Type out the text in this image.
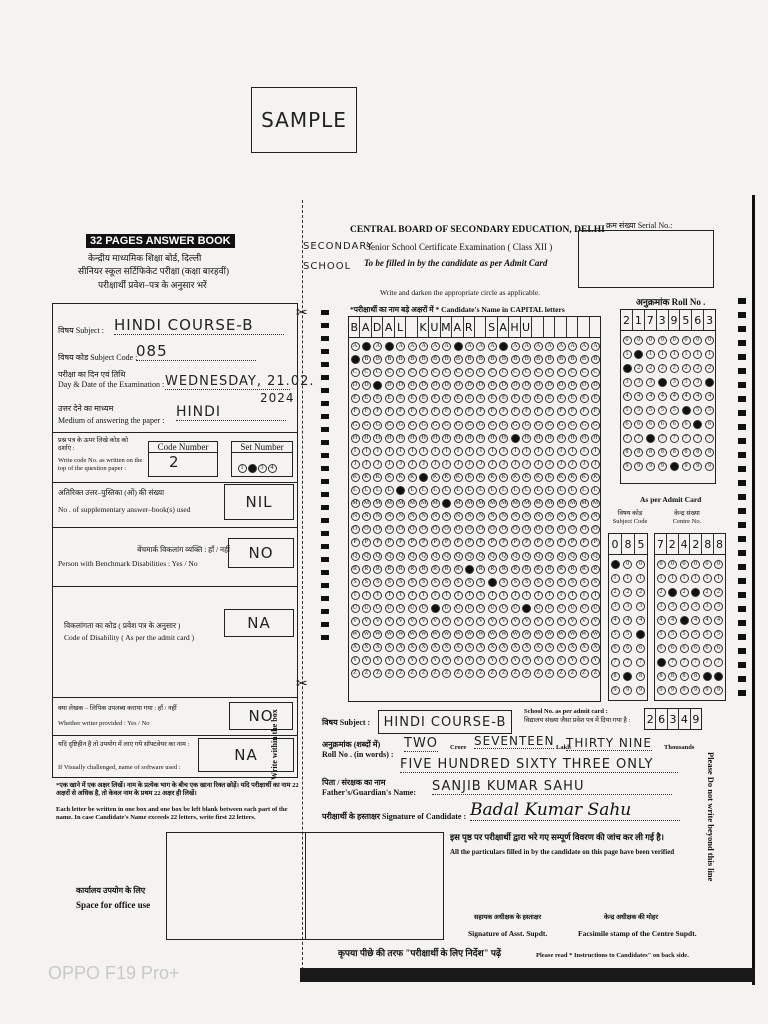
SAMPLE
✂
✂
32 PAGES ANSWER BOOK
केन्द्रीय माध्यमिक शिक्षा बोर्ड, दिल्ली
सीनियर स्कूल सर्टिफिकेट परीक्षा (कक्षा बारहवीं)
परीक्षार्थी प्रवेश–पत्र के अनुसार भरें
विषय Subject : HINDI COURSE-B
विषय कोड Subject Code :
085
परीक्षा का दिन एवं तिथि
Day & Date of the Examination : WEDNESDAY, 21.02.
2024
उत्तर देने का माध्यम
Medium of answering the paper :
HINDI
प्रश्न पत्र के ऊपर लिखे कोड को दर्शाएं :
Write code No. as written on the top of the question paper :
Code Number
2
Set Number
1 2 3 4
अतिरिक्त उत्तर–पुस्तिका (ओं) की संख्या
No . of supplementary answer–book(s) used	NIL
बेंचमार्क विकलांग व्यक्ति : हाँ / नहीं
Person with Benchmark Disabilities : Yes / No
NO
विकलांगता का कोड ( प्रवेश पत्र के अनुसार )
Code of Disability ( As per the admit card )
NA
क्या लेखक – लिपिक उपलब्ध कराया गया : हाँ / नहीं
Whether writer provided : Yes / No	NO
यदि दृष्टिहीन है तो उपयोग में लाए गये सॉफ्टवेयर का नाम :
If Visually challenged, name of software used :
NA
*एक खाने में एक अक्षर लिखें। नाम के प्रत्येक भाग के बीच एक खाना रिक्त छोड़ें। यदि परीक्षार्थी का नाम 22 अक्षरों से अधिक है, तो केवल नाम के प्रथम 22 अक्षर ही लिखें।
Each letter be written in one box and one box be left blank between each part of the name. In case Candidate's Name exceeds 22 letters, write first 22 letters.
कार्यालय उपयोग के लिए
Space for office use
Write within the box
CENTRAL BOARD OF SECONDARY EDUCATION, DELHI
SECONDARY SCHOOL
Senior School Certificate Examination ( Class XII )
To be filled in by the candidate as per Admit Card
Write and darken the appropriate circle as applicable.
क्रम संख्या Serial No.:
*परीक्षार्थी का नाम बड़े अक्षरों में * Candidate's Name in CAPITAL letters
B A D A L K U M A R S A H U
A
B
C
D
E
F
G
H
I
J
K
L
M
N
O
P
Q
R
S
T
U
V
W
X
Y
Z
A
B
C
D
E
F
G
H
I
J
K
L
M
N
O
P
Q
R
S
T
U
V
W
X
Y
Z
A
B
C
D
E
F
G
H
I
J
K
L
M
N
O
P
Q
R
S
T
U
V
W
X
Y
Z
A
B
C
D
E
F
G
H
I
J
K
L
M
N
O
P
Q
R
S
T
U
V
W
X
Y
Z
A
B
C
D
E
F
G
H
I
J
K
L
M
N
O
P
Q
R
S
T
U
V
W
X
Y
Z
A
B
C
D
E
F
G
H
I
J
K
L
M
N
O
P
Q
R
S
T
U
V
W
X
Y
Z
A
B
C
D
E
F
G
H
I
J
K
L
M
N
O
P
Q
R
S
T
U
V
W
X
Y
Z
A
B
C
D
E
F
G
H
I
J
K
L
M
N
O
P
Q
R
S
T
U
V
W
X
Y
Z
A
B
C
D
E
F
G
H
I
J
K
L
M
N
O
P
Q
R
S
T
U
V
W
X
Y
Z
A
B
C
D
E
F
G
H
I
J
K
L
M
N
O
P
Q
R
S
T
U
V
W
X
Y
Z
A
B
C
D
E
F
G
H
I
J
K
L
M
N
O
P
Q
R
S
T
U
V
W
X
Y
Z
A
B
C
D
E
F
G
H
I
J
K
L
M
N
O
P
Q
R
S
T
U
V
W
X
Y
Z
A
B
C
D
E
F
G
H
I
J
K
L
M
N
O
P
Q
R
S
T
U
V
W
X
Y
Z
A
B
C
D
E
F
G
H
I
J
K
L
M
N
O
P
Q
R
S
T
U
V
W
X
Y
Z
A
B
C
D
E
F
G
H
I
J
K
L
M
N
O
P
Q
R
S
T
U
V
W
X
Y
Z
A
B
C
D
E
F
G
H
I
J
K
L
M
N
O
P
Q
R
S
T
U
V
W
X
Y
Z
A
B
C
D
E
F
G
H
I
J
K
L
M
N
O
P
Q
R
S
T
U
V
W
X
Y
Z
A
B
C
D
E
F
G
H
I
J
K
L
M
N
O
P
Q
R
S
T
U
V
W
X
Y
Z
A
B
C
D
E
F
G
H
I
J
K
L
M
N
O
P
Q
R
S
T
U
V
W
X
Y
Z
A
B
C
D
E
F
G
H
I
J
K
L
M
N
O
P
Q
R
S
T
U
V
W
X
Y
Z
A
B
C
D
E
F
G
H
I
J
K
L
M
N
O
P
Q
R
S
T
U
V
W
X
Y
Z
A
B
C
D
E
F
G
H
I
J
K
L
M
N
O
P
Q
R
S
T
U
V
W
X
Y
Z
अनुक्रमांक Roll No .
2 1 7 3 9 5 6 3
0
1
2
3
4
5
6
7
8
9
0
1
2
3
4
5
6
7
8
9
0
1
2
3
4
5
6
7
8
9
0
1
2
3
4
5
6
7
8
9
0
1
2
3
4
5
6
7
8
9
0
1
2
3
4
5
6
7
8
9
0
1
2
3
4
5
6
7
8
9
0
1
2
3
4
5
6
7
8
9
As per Admit Card
विषय कोड
Subject Code
0 8 5
0
1
2
3
4
5
6
7
8
9
0
1
2
3
4
5
6
7
8
9
0
1
2
3
4
5
6
7
8
9
केन्द्र संख्या
Centre No.
7 2 4 2 8 8
0
1
2
3
4
5
6
7
8
9
0
1
2
3
4
5
6
7
8
9
0
1
2
3
4
5
6
7
8
9
0
1
2
3
4
5
6
7
8
9
0
1
2
3
4
5
6
7
8
9
0
1
2
3
4
5
6
7
8
9
विषय Subject :	HINDI COURSE-B
School No. as per admit card :
विद्यालय संख्या जैसा प्रवेश पत्र में दिया गया है :	2 6 3 4 9
अनुक्रमांक (शब्दों में)
Roll No . (in words) :
TWO Crore SEVENTEEN Lakh
THIRTY NINE Thousands
FIVE HUNDRED SIXTY THREE ONLY
पिता / संरक्षक का नाम
Father's/Guardian's Name:	SANJIB KUMAR SAHU
परीक्षार्थी के हस्ताक्षर Signature of Candidate : Badal Kumar Sahu
इस पृष्ठ पर परीक्षार्थी द्वारा भरे गए सम्पूर्ण विवरण की जांच कर ली गई है।
All the particulars filled in by the candidate on this page have been verified
सहायक अधीक्षक के हस्ताक्षर
Signature of Asst. Supdt.
केन्द्र अधीक्षक की मोहर
Facsimile stamp of the Centre Supdt.
कृपया पीछे की तरफ "परीक्षार्थी के लिए निर्देश" पढ़ें	Please read * Instructions to Candidates" on back side.
Please Do not write beyond this line
OPPO F19 Pro+
